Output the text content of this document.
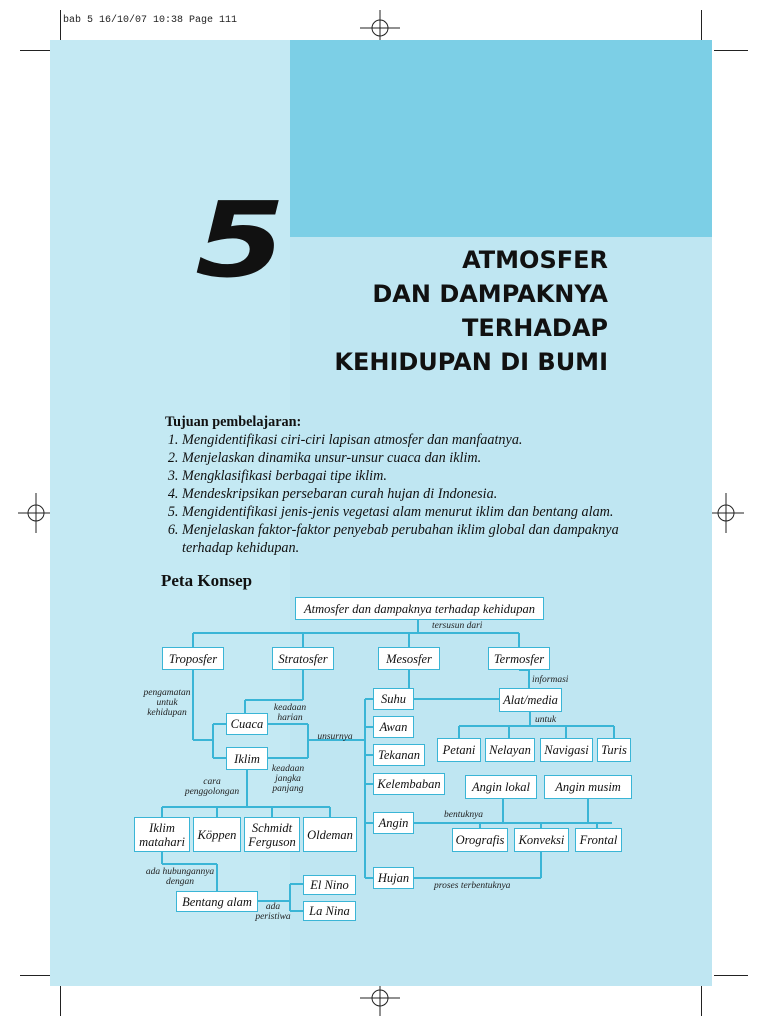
bab 5 16/10/07 10:38 Page 111
5	ATMOSFER
DAN DAMPAKNYA
TERHADAP
KEHIDUPAN DI BUMI
Tujuan pembelajaran:
1. Mengidentifikasi ciri-ciri lapisan atmosfer dan manfaatnya.
2. Menjelaskan dinamika unsur-unsur cuaca dan iklim.
3. Mengklasifikasi berbagai tipe iklim.
4. Mendeskripsikan persebaran curah hujan di Indonesia.
5. Mengidentifikasi jenis-jenis vegetasi alam menurut iklim dan bentang alam.
6. Menjelaskan faktor-faktor penyebab perubahan iklim global dan dampaknya terhadap kehidupan.
Peta Konsep
Atmosfer dan dampaknya terhadap kehidupan
Troposfer	Stratosfer	Mesosfer	Termosfer
Cuaca
Iklim
Suhu
Awan
Tekanan
Kelembaban
Angin
Hujan
Alat/media
Petani	Nelayan	Navigasi Turis
Angin lokal	Angin musim
Orografis	Konveksi	Frontal
Iklim matahari	Köppen	Schmidt Ferguson Oldeman
Bentang alam
El Nino
La Nina
tersusun dari
informasi
untuk
pengamatan untuk kehidupan	keadaan harian
unsurnya
keadaan jangka panjang
cara penggolongan
bentuknya
ada hubungannya dengan
ada peristiwa
proses terbentuknya
